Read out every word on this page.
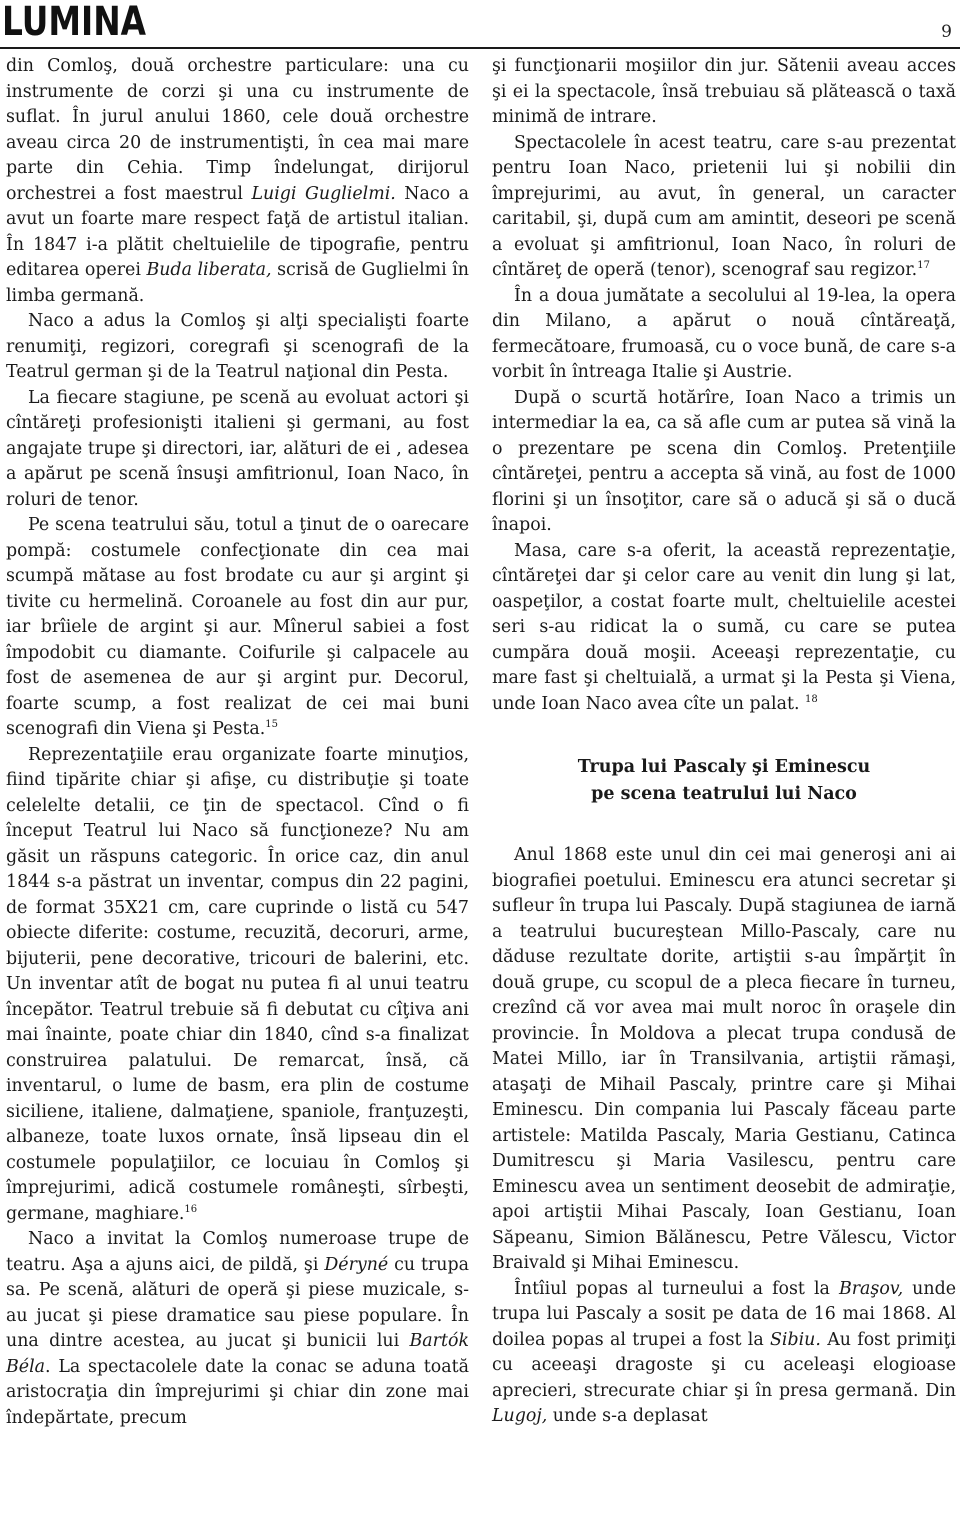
LUMINA	9

din Comloş, două orchestre particulare: una cu instrumente de corzi şi una cu instrumente de suflat. În jurul anului 1860, cele două orchestre aveau circa 20 de instrumentişti, în cea mai mare parte din Cehia. Timp îndelungat, dirijorul orchestrei a fost maestrul Luigi Guglielmi. Naco a avut un foarte mare respect faţă de artistul italian. În 1847 i-a plătit cheltuielile de tipografie, pentru editarea operei Buda liberata, scrisă de Guglielmi în limba germană.

Naco a adus la Comloş şi alţi specialişti foarte renumiţi, regizori, coregrafi şi scenografi de la Teatrul german şi de la Teatrul naţional din Pesta.

La fiecare stagiune, pe scenă au evoluat actori şi cîntăreţi profesionişti italieni şi germani, au fost angajate trupe şi directori, iar, alături de ei , adesea a apărut pe scenă însuşi amfitrionul, Ioan Naco, în roluri de tenor.

Pe scena teatrului său, totul a ţinut de o oarecare pompă: costumele confecţionate din cea mai scumpă mătase au fost brodate cu aur şi argint şi tivite cu hermelină. Coroanele au fost din aur pur, iar brîiele de argint şi aur. Mînerul sabiei a fost împodobit cu diamante. Coifurile şi calpacele au fost de asemenea de aur şi argint pur. Decorul, foarte scump, a fost realizat de cei mai buni scenografi din Viena şi Pesta.$^{15}$

Reprezentaţiile erau organizate foarte minuţios, fiind tipărite chiar şi afişe, cu distribuţie şi toate celelelte detalii, ce ţin de spectacol. Cînd o fi început Teatrul lui Naco să funcţioneze? Nu am găsit un răspuns categoric. În orice caz, din anul 1844 s-a păstrat un inventar, compus din 22 pagini, de format 35X21 cm, care cuprinde o listă cu 547 obiecte diferite: costume, recuzită, decoruri, arme, bijuterii, pene decorative, tricouri de balerini, etc. Un inventar atît de bogat nu putea fi al unui teatru începător. Teatrul trebuie să fi debutat cu cîţiva ani mai înainte, poate chiar din 1840, cînd s-a finalizat construirea palatului. De remarcat, însă, că inventarul, o lume de basm, era plin de costume siciliene, italiene, dalmaţiene, spaniole, franţuzeşti, albaneze, toate luxos ornate, însă lipseau din el costumele populaţiilor, ce locuiau în Comloş şi împrejurimi, adică costumele româneşti, sîrbeşti, germane, maghiare.$^{16}$

Naco a invitat la Comloş numeroase trupe de teatru. Aşa a ajuns aici, de pildă, şi Déryné cu trupa sa. Pe scenă, alături de operă şi piese muzicale, s-au jucat şi piese dramatice sau piese populare. În una dintre acestea, au jucat şi bunicii lui Bartók Béla. La spectacolele date la conac se aduna toată aristocraţia din împrejurimi şi chiar din zone mai îndepărtate, precum

şi funcţionarii moşiilor din jur. Sătenii aveau acces şi ei la spectacole, însă trebuiau să plătească o taxă minimă de intrare.

Spectacolele în acest teatru, care s-au prezentat pentru Ioan Naco, prietenii lui şi nobilii din împrejurimi, au avut, în general, un caracter caritabil, şi, după cum am amintit, deseori pe scenă a evoluat şi amfitrionul, Ioan Naco, în roluri de cîntăreţ de operă (tenor), scenograf sau regizor.$^{17}$

În a doua jumătate a secolului al 19-lea, la opera din Milano, a apărut o nouă cîntăreaţă, fermecătoare, frumoasă, cu o voce bună, de care s-a vorbit în întreaga Italie şi Austrie.

După o scurtă hotărîre, Ioan Naco a trimis un intermediar la ea, ca să afle cum ar putea să vină la o prezentare pe scena din Comloş. Pretenţiile cîntăreţei, pentru a accepta să vină, au fost de 1000 florini şi un însoţitor, care să o aducă şi să o ducă înapoi.

Masa, care s-a oferit, la această reprezentaţie, cîntăreţei dar şi celor care au venit din lung şi lat, oaspeţilor, a costat foarte mult, cheltuielile acestei seri s-au ridicat la o sumă, cu care se putea cumpăra două moşii. Aceeaşi reprezentaţie, cu mare fast şi cheltuială, a urmat şi la Pesta şi Viena, unde Ioan Naco avea cîte un palat. $^{18}$

Trupa lui Pascaly şi Eminescu
pe scena teatrului lui Naco

Anul 1868 este unul din cei mai generoşi ani ai biografiei poetului. Eminescu era atunci secretar şi sufleur în trupa lui Pascaly. După stagiunea de iarnă a teatrului bucureştean Millo-Pascaly, care nu dăduse rezultate dorite, artiştii s-au împărţit în două grupe, cu scopul de a pleca fiecare în turneu, crezînd că vor avea mai mult noroc în oraşele din provincie. În Moldova a plecat trupa condusă de Matei Millo, iar în Transilvania, artiştii rămaşi, ataşaţi de Mihail Pascaly, printre care şi Mihai Eminescu. Din compania lui Pascaly făceau parte artistele: Matilda Pascaly, Maria Gestianu, Catinca Dumitrescu şi Maria Vasilescu, pentru care Eminescu avea un sentiment deosebit de admiraţie, apoi artiştii Mihai Pascaly, Ioan Gestianu, Ioan Săpeanu, Simion Bălănescu, Petre Vălescu, Victor Braivald şi Mihai Eminescu.

Întîiul popas al turneului a fost la Braşov, unde trupa lui Pascaly a sosit pe data de 16 mai 1868. Al doilea popas al trupei a fost la Sibiu. Au fost primiţi cu aceeaşi dragoste şi cu aceleaşi elogioase aprecieri, strecurate chiar şi în presa germană. Din Lugoj, unde s-a deplasat
